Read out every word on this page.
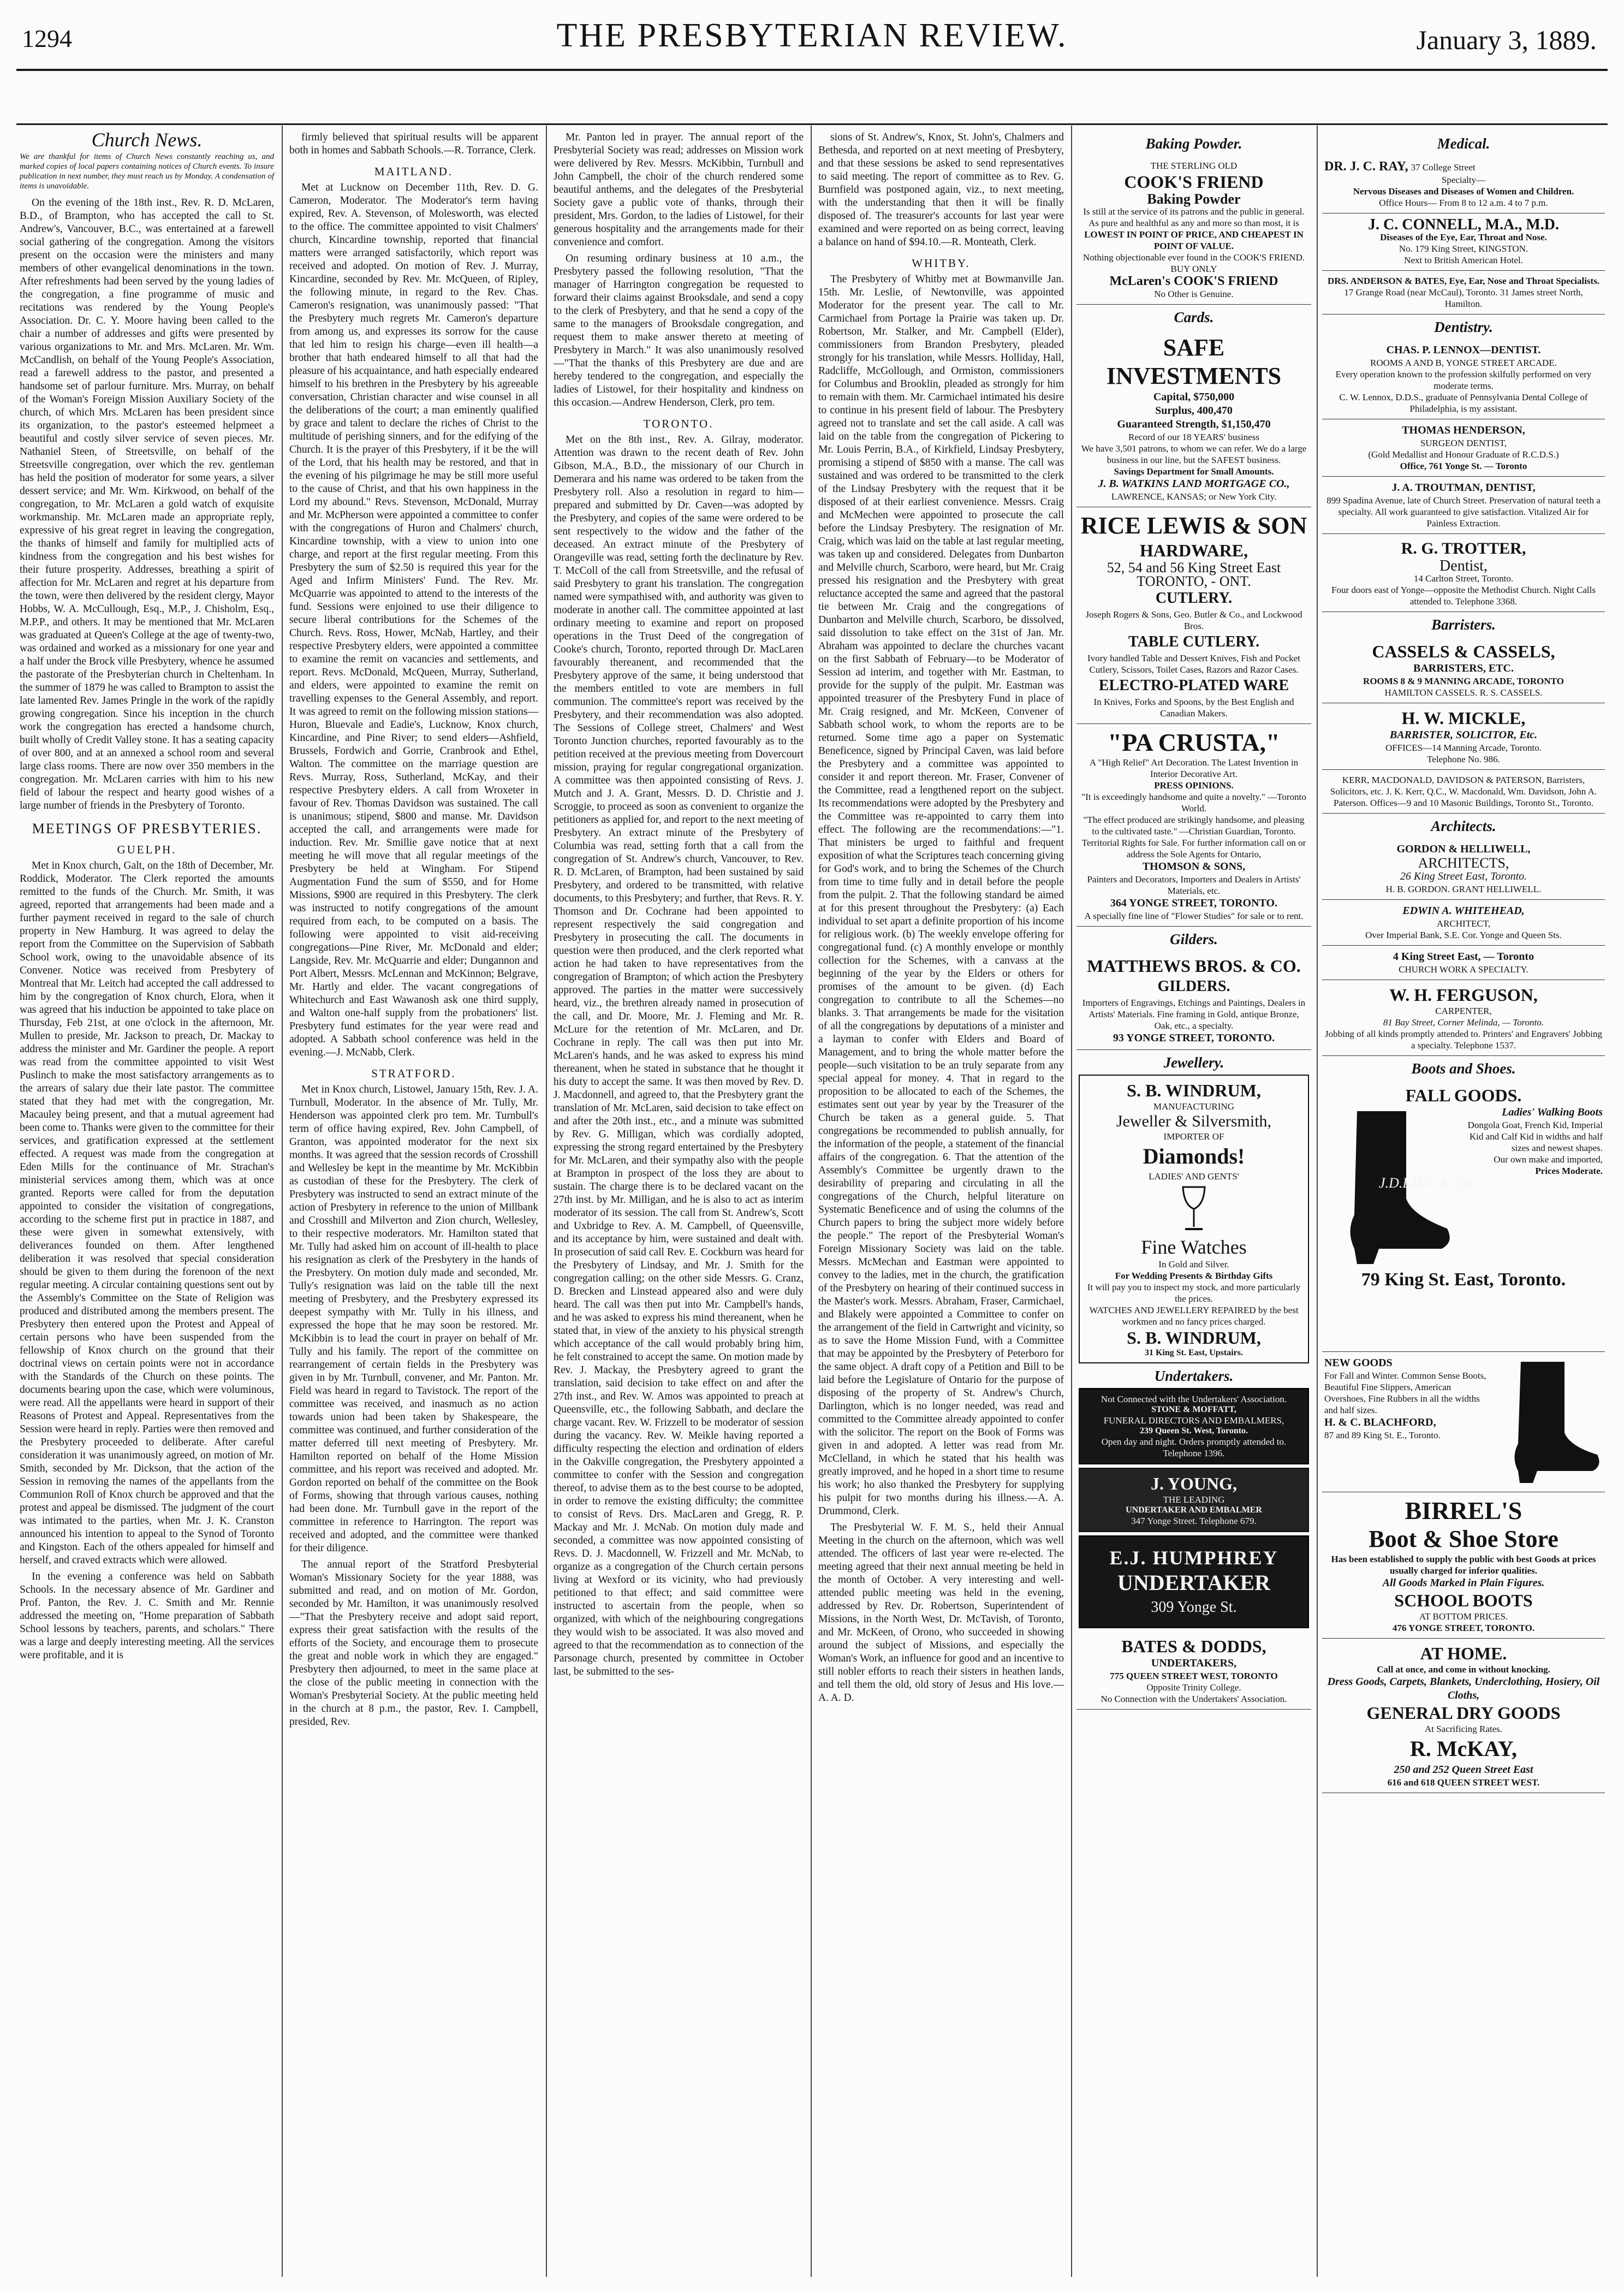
1294	THE PRESBYTERIAN REVIEW.	January 3, 1889.
Church News.
We are thankful for items of Church News constantly reaching us, and marked copies of local papers containing notices of Church events. To insure publication in next number, they must reach us by Monday. A condensation of items is unavoidable.

On the evening of the 18th inst., Rev. R. D. McLaren, B.D., of Brampton, who has accepted the call to St. Andrew's, Vancouver, B.C., was entertained at a farewell social gathering of the congregation. Among the visitors present on the occasion were the ministers and many members of other evangelical denominations in the town. After refreshments had been served by the young ladies of the congregation, a fine programme of music and recitations was rendered by the Young People's Association. Dr. C. Y. Moore having been called to the chair a number of addresses and gifts were presented by various organizations to Mr. and Mrs. McLaren. Mr. Wm. McCandlish, on behalf of the Young People's Association, read a farewell address to the pastor, and presented a handsome set of parlour furniture. Mrs. Murray, on behalf of the Woman's Foreign Mission Auxiliary Society of the church, of which Mrs. McLaren has been president since its organization, to the pastor's esteemed helpmeet a beautiful and costly silver service of seven pieces. Mr. Nathaniel Steen, of Streetsville, on behalf of the Streetsville congregation, over which the rev. gentleman has held the position of moderator for some years, a silver dessert service; and Mr. Wm. Kirkwood, on behalf of the congregation, to Mr. McLaren a gold watch of exquisite workmanship. Mr. McLaren made an appropriate reply, expressive of his great regret in leaving the congregation, the thanks of himself and family for multiplied acts of kindness from the congregation and his best wishes for their future prosperity. Addresses, breathing a spirit of affection for Mr. McLaren and regret at his departure from the town, were then delivered by the resident clergy, Mayor Hobbs, W. A. McCullough, Esq., M.P., J. Chisholm, Esq., M.P.P., and others. It may be mentioned that Mr. McLaren was graduated at Queen's College at the age of twenty-two, was ordained and worked as a missionary for one year and a half under the Brock ville Presbytery, whence he assumed the pastorate of the Presbyterian church in Cheltenham. In the summer of 1879 he was called to Brampton to assist the late lamented Rev. James Pringle in the work of the rapidly growing congregation. Since his inception in the church work the congregation has erected a handsome church, built wholly of Credit Valley stone. It has a seating capacity of over 800, and at an annexed a school room and several large class rooms. There are now over 350 members in the congregation. Mr. McLaren carries with him to his new field of labour the respect and hearty good wishes of a large number of friends in the Presbytery of Toronto.

MEETINGS OF PRESBYTERIES.
GUELPH.

Met in Knox church, Galt, on the 18th of December, Mr. Roddick, Moderator. The Clerk reported the amounts remitted to the funds of the Church. Mr. Smith, it was agreed, reported that arrangements had been made and a further payment received in regard to the sale of church property in New Hamburg. It was agreed to delay the report from the Committee on the Supervision of Sabbath School work, owing to the unavoidable absence of its Convener. Notice was received from Presbytery of Montreal that Mr. Leitch had accepted the call addressed to him by the congregation of Knox church, Elora, when it was agreed that his induction be appointed to take place on Thursday, Feb 21st, at one o'clock in the afternoon, Mr. Mullen to preside, Mr. Jackson to preach, Dr. Mackay to address the minister and Mr. Gardiner the people. A report was read from the committee appointed to visit West Puslinch to make the most satisfactory arrangements as to the arrears of salary due their late pastor. The committee stated that they had met with the congregation, Mr. Macauley being present, and that a mutual agreement had been come to. Thanks were given to the committee for their services, and gratification expressed at the settlement effected. A request was made from the congregation at Eden Mills for the continuance of Mr. Strachan's ministerial services among them, which was at once granted. Reports were called for from the deputation appointed to consider the visitation of congregations, according to the scheme first put in practice in 1887, and these were given in somewhat extensively, with deliverances founded on them. After lengthened deliberation it was resolved that special consideration should be given to them during the forenoon of the next regular meeting. A circular containing questions sent out by the Assembly's Committee on the State of Religion was produced and distributed among the members present. The Presbytery then entered upon the Protest and Appeal of certain persons who have been suspended from the fellowship of Knox church on the ground that their doctrinal views on certain points were not in accordance with the Standards of the Church on these points. The documents bearing upon the case, which were voluminous, were read. All the appellants were heard in support of their Reasons of Protest and Appeal. Representatives from the Session were heard in reply. Parties were then removed and the Presbytery proceeded to deliberate. After careful consideration it was unanimously agreed, on motion of Mr. Smith, seconded by Mr. Dickson, that the action of the Session in removing the names of the appellants from the Communion Roll of Knox church be approved and that the protest and appeal be dismissed. The judgment of the court was intimated to the parties, when Mr. J. K. Cranston announced his intention to appeal to the Synod of Toronto and Kingston. Each of the others appealed for himself and herself, and craved extracts which were allowed.

In the evening a conference was held on Sabbath Schools. In the necessary absence of Mr. Gardiner and Prof. Panton, the Rev. J. C. Smith and Mr. Rennie addressed the meeting on, "Home preparation of Sabbath School lessons by teachers, parents, and scholars." There was a large and deeply interesting meeting. All the services were profitable, and it is

firmly believed that spiritual results will be apparent both in homes and Sabbath Schools.—R. Torrance, Clerk.

MAITLAND.

Met at Lucknow on December 11th, Rev. D. G. Cameron, Moderator. The Moderator's term having expired, Rev. A. Stevenson, of Molesworth, was elected to the office. The committee appointed to visit Chalmers' church, Kincardine township, reported that financial matters were arranged satisfactorily, which report was received and adopted. On motion of Rev. J. Murray, Kincardine, seconded by Rev. Mr. McQueen, of Ripley, the following minute, in regard to the Rev. Chas. Cameron's resignation, was unanimously passed: "That the Presbytery much regrets Mr. Cameron's departure from among us, and expresses its sorrow for the cause that led him to resign his charge—even ill health—a brother that hath endeared himself to all that had the pleasure of his acquaintance, and hath especially endeared himself to his brethren in the Presbytery by his agreeable conversation, Christian character and wise counsel in all the deliberations of the court; a man eminently qualified by grace and talent to declare the riches of Christ to the multitude of perishing sinners, and for the edifying of the Church. It is the prayer of this Presbytery, if it be the will of the Lord, that his health may be restored, and that in the evening of his pilgrimage he may be still more useful to the cause of Christ, and that his own happiness in the Lord my abound." Revs. Stevenson, McDonald, Murray and Mr. McPherson were appointed a committee to confer with the congregations of Huron and Chalmers' church, Kincardine township, with a view to union into one charge, and report at the first regular meeting. From this Presbytery the sum of $2.50 is required this year for the Aged and Infirm Ministers' Fund. The Rev. Mr. McQuarrie was appointed to attend to the interests of the fund. Sessions were enjoined to use their diligence to secure liberal contributions for the Schemes of the Church. Revs. Ross, Hower, McNab, Hartley, and their respective Presbytery elders, were appointed a committee to examine the remit on vacancies and settlements, and report. Revs. McDonald, McQueen, Murray, Sutherland, and elders, were appointed to examine the remit on travelling expenses to the General Assembly, and report. It was agreed to remit on the following mission stations—Huron, Bluevale and Eadie's, Lucknow, Knox church, Kincardine, and Pine River; to send elders—Ashfield, Brussels, Fordwich and Gorrie, Cranbrook and Ethel, Walton. The committee on the marriage question are Revs. Murray, Ross, Sutherland, McKay, and their respective Presbytery elders. A call from Wroxeter in favour of Rev. Thomas Davidson was sustained. The call is unanimous; stipend, $800 and manse. Mr. Davidson accepted the call, and arrangements were made for induction. Rev. Mr. Smillie gave notice that at next meeting he will move that all regular meetings of the Presbytery be held at Wingham. For Stipend Augmentation Fund the sum of $550, and for Home Missions, $900 are required in this Presbytery. The clerk was instructed to notify congregations of the amount required from each, to be computed on a basis. The following were appointed to visit aid-receiving congregations—Pine River, Mr. McDonald and elder; Langside, Rev. Mr. McQuarrie and elder; Dungannon and Port Albert, Messrs. McLennan and McKinnon; Belgrave, Mr. Hartly and elder. The vacant congregations of Whitechurch and East Wawanosh ask one third supply, and Walton one-half supply from the probationers' list. Presbytery fund estimates for the year were read and adopted. A Sabbath school conference was held in the evening.—J. McNabb, Clerk.

STRATFORD.

Met in Knox church, Listowel, January 15th, Rev. J. A. Turnbull, Moderator. In the absence of Mr. Tully, Mr. Henderson was appointed clerk pro tem. Mr. Turnbull's term of office having expired, Rev. John Campbell, of Granton, was appointed moderator for the next six months. It was agreed that the session records of Crosshill and Wellesley be kept in the meantime by Mr. McKibbin as custodian of these for the Presbytery. The clerk of Presbytery was instructed to send an extract minute of the action of Presbytery in reference to the union of Millbank and Crosshill and Milverton and Zion church, Wellesley, to their respective moderators. Mr. Hamilton stated that Mr. Tully had asked him on account of ill-health to place his resignation as clerk of the Presbytery in the hands of the Presbytery. On motion duly made and seconded, Mr. Tully's resignation was laid on the table till the next meeting of Presbytery, and the Presbytery expressed its deepest sympathy with Mr. Tully in his illness, and expressed the hope that he may soon be restored. Mr. McKibbin is to lead the court in prayer on behalf of Mr. Tully and his family. The report of the committee on rearrangement of certain fields in the Presbytery was given in by Mr. Turnbull, convener, and Mr. Panton. Mr. Field was heard in regard to Tavistock. The report of the committee was received, and inasmuch as no action towards union had been taken by Shakespeare, the committee was continued, and further consideration of the matter deferred till next meeting of Presbytery. Mr. Hamilton reported on behalf of the Home Mission committee, and his report was received and adopted. Mr. Gordon reported on behalf of the committee on the Book of Forms, showing that through various causes, nothing had been done. Mr. Turnbull gave in the report of the committee in reference to Harrington. The report was received and adopted, and the committee were thanked for their diligence.

The annual report of the Stratford Presbyterial Woman's Missionary Society for the year 1888, was submitted and read, and on motion of Mr. Gordon, seconded by Mr. Hamilton, it was unanimously resolved—"That the Presbytery receive and adopt said report, express their great satisfaction with the results of the efforts of the Society, and encourage them to prosecute the great and noble work in which they are engaged." Presbytery then adjourned, to meet in the same place at the close of the public meeting in connection with the Woman's Presbyterial Society. At the public meeting held in the church at 8 p.m., the pastor, Rev. I. Campbell, presided, Rev.

Mr. Panton led in prayer. The annual report of the Presbyterial Society was read; addresses on Mission work were delivered by Rev. Messrs. McKibbin, Turnbull and John Campbell, the choir of the church rendered some beautiful anthems, and the delegates of the Presbyterial Society gave a public vote of thanks, through their president, Mrs. Gordon, to the ladies of Listowel, for their generous hospitality and the arrangements made for their convenience and comfort.

On resuming ordinary business at 10 a.m., the Presbytery passed the following resolution, "That the manager of Harrington congregation be requested to forward their claims against Brooksdale, and send a copy to the clerk of Presbytery, and that he send a copy of the same to the managers of Brooksdale congregation, and request them to make answer thereto at meeting of Presbytery in March." It was also unanimously resolved—"That the thanks of this Presbytery are due and are hereby tendered to the congregation, and especially the ladies of Listowel, for their hospitality and kindness on this occasion.—Andrew Henderson, Clerk, pro tem.

TORONTO.

Met on the 8th inst., Rev. A. Gilray, moderator. Attention was drawn to the recent death of Rev. John Gibson, M.A., B.D., the missionary of our Church in Demerara and his name was ordered to be taken from the Presbytery roll. Also a resolution in regard to him—prepared and submitted by Dr. Caven—was adopted by the Presbytery, and copies of the same were ordered to be sent respectively to the widow and the father of the deceased. An extract minute of the Presbytery of Orangeville was read, setting forth the declinature by Rev. T. McColl of the call from Streetsville, and the refusal of said Presbytery to grant his translation. The congregation named were sympathised with, and authority was given to moderate in another call. The committee appointed at last ordinary meeting to examine and report on proposed operations in the Trust Deed of the congregation of Cooke's church, Toronto, reported through Dr. MacLaren favourably thereanent, and recommended that the Presbytery approve of the same, it being understood that the members entitled to vote are members in full communion. The committee's report was received by the Presbytery, and their recommendation was also adopted. The Sessions of College street, Chalmers' and West Toronto Junction churches, reported favourably as to the petition received at the previous meeting from Dovercourt mission, praying for regular congregational organization. A committee was then appointed consisting of Revs. J. Mutch and J. A. Grant, Messrs. D. D. Christie and J. Scroggie, to proceed as soon as convenient to organize the petitioners as applied for, and report to the next meeting of Presbytery. An extract minute of the Presbytery of Columbia was read, setting forth that a call from the congregation of St. Andrew's church, Vancouver, to Rev. R. D. McLaren, of Brampton, had been sustained by said Presbytery, and ordered to be transmitted, with relative documents, to this Presbytery; and further, that Revs. R. Y. Thomson and Dr. Cochrane had been appointed to represent respectively the said congregation and Presbytery in prosecuting the call. The documents in question were then produced, and the clerk reported what action he had taken to have representatives from the congregation of Brampton; of which action the Presbytery approved. The parties in the matter were successively heard, viz., the brethren already named in prosecution of the call, and Dr. Moore, Mr. J. Fleming and Mr. R. McLure for the retention of Mr. McLaren, and Dr. Cochrane in reply. The call was then put into Mr. McLaren's hands, and he was asked to express his mind thereanent, when he stated in substance that he thought it his duty to accept the same. It was then moved by Rev. D. J. Macdonnell, and agreed to, that the Presbytery grant the translation of Mr. McLaren, said decision to take effect on and after the 20th inst., etc., and a minute was submitted by Rev. G. Milligan, which was cordially adopted, expressing the strong regard entertained by the Presbytery for Mr. McLaren, and their sympathy also with the people at Brampton in prospect of the loss they are about to sustain. The charge there is to be declared vacant on the 27th inst. by Mr. Milligan, and he is also to act as interim moderator of its session. The call from St. Andrew's, Scott and Uxbridge to Rev. A. M. Campbell, of Queensville, and its acceptance by him, were sustained and dealt with. In prosecution of said call Rev. E. Cockburn was heard for the Presbytery of Lindsay, and Mr. J. Smith for the congregation calling; on the other side Messrs. G. Cranz, D. Brecken and Linstead appeared also and were duly heard. The call was then put into Mr. Campbell's hands, and he was asked to express his mind thereanent, when he stated that, in view of the anxiety to his physical strength which acceptance of the call would probably bring him, he felt constrained to accept the same. On motion made by Rev. J. Mackay, the Presbytery agreed to grant the translation, said decision to take effect on and after the 27th inst., and Rev. W. Amos was appointed to preach at Queensville, etc., the following Sabbath, and declare the charge vacant. Rev. W. Frizzell to be moderator of session during the vacancy. Rev. W. Meikle having reported a difficulty respecting the election and ordination of elders in the Oakville congregation, the Presbytery appointed a committee to confer with the Session and congregation thereof, to advise them as to the best course to be adopted, in order to remove the existing difficulty; the committee to consist of Revs. Drs. MacLaren and Gregg, R. P. Mackay and Mr. J. McNab. On motion duly made and seconded, a committee was now appointed consisting of Revs. D. J. Macdonnell, W. Frizzell and Mr. McNab, to organize as a congregation of the Church certain persons living at Wexford or its vicinity, who had previously petitioned to that effect; and said committee were instructed to ascertain from the people, when so organized, with which of the neighbouring congregations they would wish to be associated. It was also moved and agreed to that the recommendation as to connection of the Parsonage church, presented by committee in October last, be submitted to the ses-

sions of St. Andrew's, Knox, St. John's, Chalmers and Bethesda, and reported on at next meeting of Presbytery, and that these sessions be asked to send representatives to said meeting. The report of committee as to Rev. G. Burnfield was postponed again, viz., to next meeting, with the understanding that then it will be finally disposed of. The treasurer's accounts for last year were examined and were reported on as being correct, leaving a balance on hand of $94.10.—R. Monteath, Clerk.

WHITBY.

The Presbytery of Whitby met at Bowmanville Jan. 15th. Mr. Leslie, of Newtonville, was appointed Moderator for the present year. The call to Mr. Carmichael from Portage la Prairie was taken up. Dr. Robertson, Mr. Stalker, and Mr. Campbell (Elder), commissioners from Brandon Presbytery, pleaded strongly for his translation, while Messrs. Holliday, Hall, Radcliffe, McGollough, and Ormiston, commissioners for Columbus and Brooklin, pleaded as strongly for him to remain with them. Mr. Carmichael intimated his desire to continue in his present field of labour. The Presbytery agreed not to translate and set the call aside. A call was laid on the table from the congregation of Pickering to Mr. Louis Perrin, B.A., of Kirkfield, Lindsay Presbytery, promising a stipend of $850 with a manse. The call was sustained and was ordered to be transmitted to the clerk of the Lindsay Presbytery with the request that it be disposed of at their earliest convenience. Messrs. Craig and McMechen were appointed to prosecute the call before the Lindsay Presbytery. The resignation of Mr. Craig, which was laid on the table at last regular meeting, was taken up and considered. Delegates from Dunbarton and Melville church, Scarboro, were heard, but Mr. Craig pressed his resignation and the Presbytery with great reluctance accepted the same and agreed that the pastoral tie between Mr. Craig and the congregations of Dunbarton and Melville church, Scarboro, be dissolved, said dissolution to take effect on the 31st of Jan. Mr. Abraham was appointed to declare the churches vacant on the first Sabbath of February—to be Moderator of Session ad interim, and together with Mr. Eastman, to provide for the supply of the pulpit. Mr. Eastman was appointed treasurer of the Presbytery Fund in place of Mr. Craig resigned, and Mr. McKeen, Convener of Sabbath school work, to whom the reports are to be returned. Some time ago a paper on Systematic Beneficence, signed by Principal Caven, was laid before the Presbytery and a committee was appointed to consider it and report thereon. Mr. Fraser, Convener of the Committee, read a lengthened report on the subject. Its recommendations were adopted by the Presbytery and the Committee was re-appointed to carry them into effect. The following are the recommendations:—"1. That ministers be urged to faithful and frequent exposition of what the Scriptures teach concerning giving for God's work, and to bring the Schemes of the Church from time to time fully and in detail before the people from the pulpit. 2. That the following standard be aimed at for this present throughout the Presbytery: (a) Each individual to set apart a definite proportion of his income for religious work. (b) The weekly envelope offering for congregational fund. (c) A monthly envelope or monthly collection for the Schemes, with a canvass at the beginning of the year by the Elders or others for promises of the amount to be given. (d) Each congregation to contribute to all the Schemes—no blanks. 3. That arrangements be made for the visitation of all the congregations by deputations of a minister and a layman to confer with Elders and Board of Management, and to bring the whole matter before the people—such visitation to be an truly separate from any special appeal for money. 4. That in regard to the proposition to be allocated to each of the Schemes, the estimates sent out year by year by the Treasurer of the Church be taken as a general guide. 5. That congregations be recommended to publish annually, for the information of the people, a statement of the financial affairs of the congregation. 6. That the attention of the Assembly's Committee be urgently drawn to the desirability of preparing and circulating in all the congregations of the Church, helpful literature on Systematic Beneficence and of using the columns of the Church papers to bring the subject more widely before the people." The report of the Presbyterial Woman's Foreign Missionary Society was laid on the table. Messrs. McMechan and Eastman were appointed to convey to the ladies, met in the church, the gratification of the Presbytery on hearing of their continued success in the Master's work. Messrs. Abraham, Fraser, Carmichael, and Blakely were appointed a Committee to confer on the arrangement of the field in Cartwright and vicinity, so as to save the Home Mission Fund, with a Committee that may be appointed by the Presbytery of Peterboro for the same object. A draft copy of a Petition and Bill to be laid before the Legislature of Ontario for the purpose of disposing of the property of St. Andrew's Church, Darlington, which is no longer needed, was read and committed to the Committee already appointed to confer with the solicitor. The report on the Book of Forms was given in and adopted. A letter was read from Mr. McClelland, in which he stated that his health was greatly improved, and he hoped in a short time to resume his work; ho also thanked the Presbytery for supplying his pulpit for two months during his illness.—A. A. Drummond, Clerk.

The Presbyterial W. F. M. S., held their Annual Meeting in the church on the afternoon, which was well attended. The officers of last year were re-elected. The meeting agreed that their next annual meeting be held in the month of October. A very interesting and well-attended public meeting was held in the evening, addressed by Rev. Dr. Robertson, Superintendent of Missions, in the North West, Dr. McTavish, of Toronto, and Mr. McKeen, of Orono, who succeeded in showing around the subject of Missions, and especially the Woman's Work, an influence for good and an incentive to still nobler efforts to reach their sisters in heathen lands, and tell them the old, old story of Jesus and His love.—A. A. D.

Baking Powder.
THE STERLING OLD
COOK'S FRIEND
Baking Powder
Is still at the service of its patrons and the public in general.
As pure and healthful as any and more so than most, it is
LOWEST IN POINT OF PRICE, AND CHEAPEST IN POINT OF VALUE.
Nothing objectionable ever found in the COOK'S FRIEND. BUY ONLY
McLaren's COOK'S FRIEND
No Other is Genuine.
Cards.
SAFE INVESTMENTS
Capital, $750,000
Surplus, 400,470
Guaranteed Strength, $1,150,470
Record of our 18 YEARS' business
We have 3,501 patrons, to whom we can refer. We do a large business in our line, but the SAFEST business.
Savings Department for Small Amounts.
J. B. WATKINS LAND MORTGAGE CO.,
LAWRENCE, KANSAS; or New York City.
RICE LEWIS & SON
HARDWARE,
52, 54 and 56 King Street East
TORONTO, - ONT.
CUTLERY.
Joseph Rogers & Sons, Geo. Butler & Co., and Lockwood Bros.
TABLE CUTLERY.
Ivory handled Table and Dessert Knives, Fish and Pocket Cutlery, Scissors, Toilet Cases, Razors and Razor Cases.
ELECTRO-PLATED WARE
In Knives, Forks and Spoons, by the Best English and Canadian Makers.
"PA CRUSTA,"
A "High Relief" Art Decoration. The Latest Invention in Interior Decorative Art.
PRESS OPINIONS.
"It is exceedingly handsome and quite a novelty." —Toronto World.
"The effect produced are strikingly handsome, and pleasing to the cultivated taste." —Christian Guardian, Toronto.
Territorial Rights for Sale. For further information call on or address the Sole Agents for Ontario,
THOMSON & SONS,
Painters and Decorators, Importers and Dealers in Artists' Materials, etc.
364 YONGE STREET, TORONTO.
A specially fine line of "Flower Studies" for sale or to rent.
Gilders.
MATTHEWS BROS. & CO.
GILDERS.
Importers of Engravings, Etchings and Paintings, Dealers in Artists' Materials. Fine framing in Gold, antique Bronze, Oak, etc., a specialty.
93 YONGE STREET, TORONTO.
Jewellery.
S. B. WINDRUM,
MANUFACTURING
Jeweller & Silversmith,
IMPORTER OF
Diamonds!
LADIES' AND GENTS'
Fine Watches
In Gold and Silver.
For Wedding Presents & Birthday Gifts
It will pay you to inspect my stock, and more particularly the prices.
WATCHES AND JEWELLERY REPAIRED by the best workmen and no fancy prices charged.
S. B. WINDRUM,
31 King St. East, Upstairs.
Undertakers.
Not Connected with the Undertakers' Association.
STONE & MOFFATT,
FUNERAL DIRECTORS AND EMBALMERS,
239 Queen St. West, Toronto.
Open day and night. Orders promptly attended to. Telephone 1396.
J. YOUNG,
THE LEADING
UNDERTAKER AND EMBALMER
347 Yonge Street. Telephone 679.
E.J. HUMPHREY
UNDERTAKER
309 Yonge St.
BATES & DODDS,
UNDERTAKERS,
775 QUEEN STREET WEST, TORONTO
Opposite Trinity College.
No Connection with the Undertakers' Association.
Medical.
DR. J. C. RAY, 37 College Street
Specialty—
Nervous Diseases and Diseases of Women and Children.
Office Hours— From 8 to 12 a.m. 4 to 7 p.m.
J. C. CONNELL, M.A., M.D.
Diseases of the Eye, Ear, Throat and Nose.
No. 179 King Street, KINGSTON.
Next to British American Hotel.
DRS. ANDERSON & BATES, Eye, Ear, Nose and Throat Specialists.
17 Grange Road (near McCaul), Toronto. 31 James street North, Hamilton.
Dentistry.
CHAS. P. LENNOX—DENTIST.
ROOMS A AND B, YONGE STREET ARCADE.
Every operation known to the profession skilfully performed on very moderate terms.
C. W. Lennox, D.D.S., graduate of Pennsylvania Dental College of Philadelphia, is my assistant.
THOMAS HENDERSON,
SURGEON DENTIST,
(Gold Medallist and Honour Graduate of R.C.D.S.)
Office, 761 Yonge St. — Toronto
J. A. TROUTMAN, DENTIST,
899 Spadina Avenue, late of Church Street. Preservation of natural teeth a specialty. All work guaranteed to give satisfaction. Vitalized Air for Painless Extraction.
R. G. TROTTER,
Dentist,
14 Carlton Street, Toronto.
Four doors east of Yonge—opposite the Methodist Church. Night Calls attended to. Telephone 3368.
Barristers.
CASSELS & CASSELS,
BARRISTERS, ETC.
ROOMS 8 & 9 MANNING ARCADE, TORONTO
HAMILTON CASSELS. R. S. CASSELS.
H. W. MICKLE,
BARRISTER, SOLICITOR, Etc.
OFFICES—14 Manning Arcade, Toronto.
Telephone No. 986.
KERR, MACDONALD, DAVIDSON & PATERSON, Barristers, Solicitors, etc. J. K. Kerr, Q.C., W. Macdonald, Wm. Davidson, John A. Paterson. Offices—9 and 10 Masonic Buildings, Toronto St., Toronto.
Architects.
GORDON & HELLIWELL,
ARCHITECTS,
26 King Street East, Toronto.
H. B. GORDON. GRANT HELLIWELL.
EDWIN A. WHITEHEAD,
ARCHITECT,
Over Imperial Bank, S.E. Cor. Yonge and Queen Sts.
4 King Street East, — Toronto
CHURCH WORK A SPECIALTY.
W. H. FERGUSON,
CARPENTER,
81 Bay Street, Corner Melinda, — Toronto.
Jobbing of all kinds promptly attended to. Printers' and Engravers' Jobbing a specialty. Telephone 1537.
Boots and Shoes.
FALL GOODS.
J.D.KING & Co
Ladies' Walking Boots
Dongola Goat, French Kid, Imperial Kid and Calf Kid in widths and half sizes and newest shapes.
Our own make and imported,
Prices Moderate.
79 King St. East, Toronto.
NEW GOODS
For Fall and Winter. Common Sense Boots, Beautiful Fine Slippers, American Overshoes, Fine Rubbers in all the widths and half sizes.
H. & C. BLACHFORD,
87 and 89 King St. E., Toronto.
BIRREL'S
Boot & Shoe Store
Has been established to supply the public with best Goods at prices usually charged for inferior qualities.
All Goods Marked in Plain Figures.
SCHOOL BOOTS
AT BOTTOM PRICES.
476 YONGE STREET, TORONTO.
AT HOME.
Call at once, and come in without knocking.
Dress Goods, Carpets, Blankets, Underclothing, Hosiery, Oil Cloths,
GENERAL DRY GOODS
At Sacrificing Rates.
R. McKAY,
250 and 252 Queen Street East
616 and 618 QUEEN STREET WEST.
